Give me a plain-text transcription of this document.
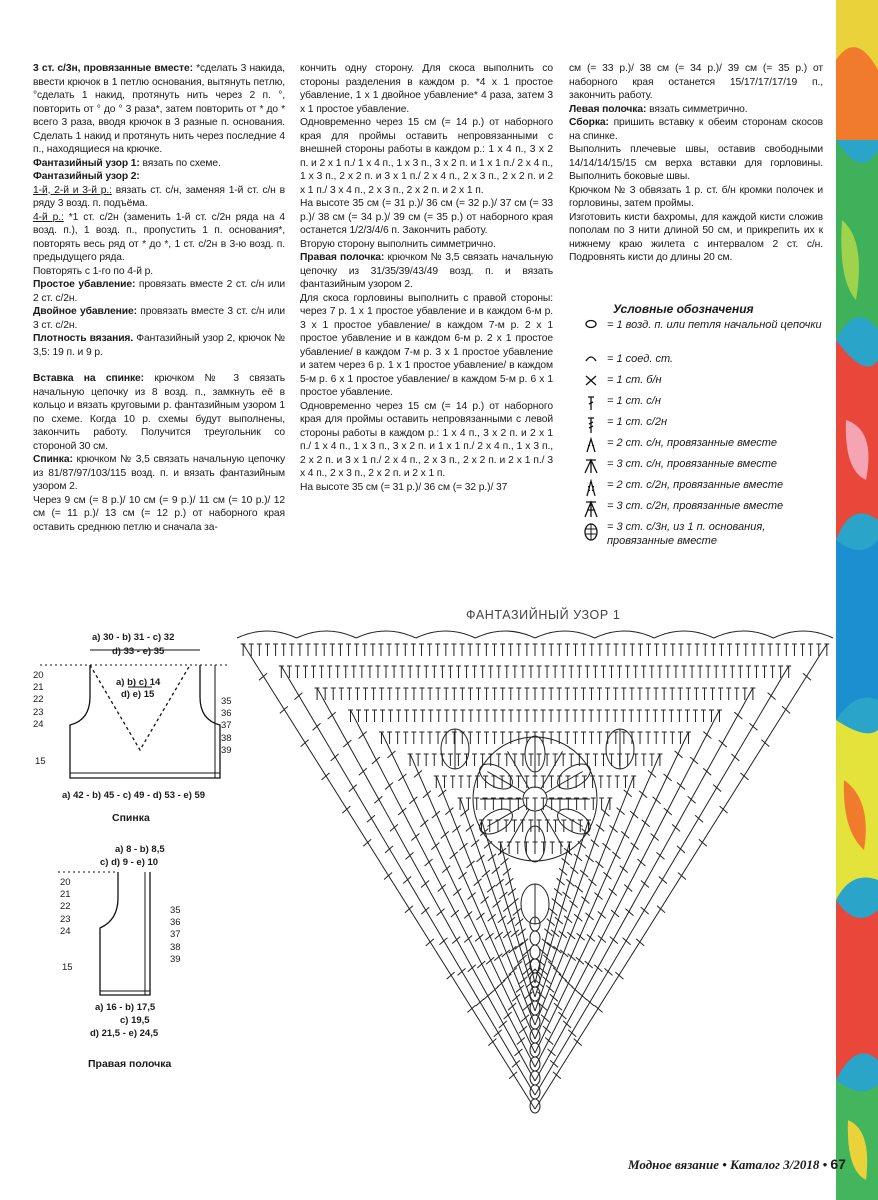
3 ст. с/3н, провязанные вместе: *сделать 3 накида, ввести крючок в 1 петлю основания, вытянуть петлю, °сделать 1 накид, протянуть нить через 2 п. °, повторить от ° до ° 3 раза*, затем повторить от * до * всего 3 раза, вводя крючок в 3 разные п. основания. Сделать 1 накид и протянуть нить через последние 4 п., находящиеся на крючке.

Фантазийный узор 1: вязать по схеме.

Фантазийный узор 2:
1-й, 2-й и 3-й р.: вязать ст. с/н, заменяя 1-й ст. с/н в ряду 3 возд. п. подъёма.
4-й р.: *1 ст. с/2н (заменить 1-й ст. с/2н ряда на 4 возд. п.), 1 возд. п., пропустить 1 п. основания*, повторять весь ряд от * до *, 1 ст. с/2н в 3-ю возд. п. предыдущего ряда.
Повторять с 1-го по 4-й р.

Простое убавление: провязать вместе 2 ст. с/н или 2 ст. с/2н.

Двойное убавление: провязать вместе 3 ст. с/н или 3 ст. с/2н.

Плотность вязания. Фантазийный узор 2, крючок № 3,5: 19 п. и 9 р.

Вставка на спинке: крючком № 3 связать начальную цепочку из 8 возд. п., замкнуть её в кольцо и вязать круговыми р. фантазийным узором 1 по схеме. Когда 10 р. схемы будут выполнены, закончить работу. Получится треугольник со стороной 30 см.

Спинка: крючком № 3,5 связать начальную цепочку из 81/87/97/103/115 возд. п. и вязать фантазийным узором 2.

Через 9 см (= 8 р.)/ 10 см (= 9 р.)/ 11 см (= 10 р.)/ 12 см (= 11 р.)/ 13 см (= 12 р.) от наборного края оставить среднюю петлю и сначала за-

кончить одну сторону. Для скоса выполнить со стороны разделения в каждом р. *4 х 1 простое убавление, 1 х 1 двойное убавление* 4 раза, затем 3 х 1 простое убавление.

Одновременно через 15 см (= 14 р.) от наборного края для проймы оставить непровязанными с внешней стороны работы в каждом р.: 1 х 4 п., 3 х 2 п. и 2 х 1 п./ 1 х 4 п., 1 х 3 п., 3 х 2 п. и 1 х 1 п./ 2 х 4 п., 1 х 3 п., 2 х 2 п. и 3 х 1 п./ 2 х 4 п., 2 х 3 п., 2 х 2 п. и 2 х 1 п./ 3 х 4 п., 2 х 3 п., 2 х 2 п. и 2 х 1 п.

На высоте 35 см (= 31 р.)/ 36 см (= 32 р.)/ 37 см (= 33 р.)/ 38 см (= 34 р.)/ 39 см (= 35 р.) от наборного края останется 1/2/3/4/6 п. Закончить работу.

Вторую сторону выполнить симметрично.

Правая полочка: крючком № 3,5 связать начальную цепочку из 31/35/39/43/49 возд. п. и вязать фантазийным узором 2.

Для скоса горловины выполнить с правой стороны: через 7 р. 1 х 1 простое убавление и в каждом 6-м р. 3 х 1 простое убавление/ в каждом 7-м р. 2 х 1 простое убавление и в каждом 6-м р. 2 х 1 простое убавление/ в каждом 7-м р. 3 х 1 простое убавление и затем через 6 р. 1 х 1 простое убавление/ в каждом 5-м р. 6 х 1 простое убавление/ в каждом 5-м р. 6 х 1 простое убавление.

Одновременно через 15 см (= 14 р.) от наборного края для проймы оставить непровязанными с левой стороны работы в каждом р.: 1 х 4 п., 3 х 2 п. и 2 х 1 п./ 1 х 4 п., 1 х 3 п., 3 х 2 п. и 1 х 1 п./ 2 х 4 п., 1 х 3 п., 2 х 2 п. и 3 х 1 п./ 2 х 4 п., 2 х 3 п., 2 х 2 п. и 2 х 1 п./ 3 х 4 п., 2 х 3 п., 2 х 2 п. и 2 х 1 п.

На высоте 35 см (= 31 р.)/ 36 см (= 32 р.)/ 37

см (= 33 р.)/ 38 см (= 34 р.)/ 39 см (= 35 р.) от наборного края останется 15/17/17/17/19 п., закончить работу.

Левая полочка: вязать симметрично.

Сборка: пришить вставку к обеим сторонам скосов на спинке.

Выполнить плечевые швы, оставив свободными 14/14/14/15/15 см верха вставки для горловины. Выполнить боковые швы.

Крючком № 3 обвязать 1 р. ст. б/н кромки полочек и горловины, затем проймы.

Изготовить кисти бахромы, для каждой кисти сложив пополам по 3 нити длиной 50 см, и прикрепить их к нижнему краю жилета с интервалом 2 ст. с/н. Подровнять кисти до длины 20 см.

Условные обозначения
= 1 возд. п. или петля начальной цепочки
= 1 соед. ст.
= 1 ст. б/н
= 1 ст. с/н
= 1 ст. с/2н
= 2 ст. с/н, провязанные вместе
= 3 ст. с/н, провязанные вместе
= 2 ст. с/2н, провязанные вместе
= 3 ст. с/2н, провязанные вместе
= 3 ст. с/3н, из 1 п. основания, провязанные вместе
ФАНТАЗИЙНЫЙ УЗОР 1
a) 30 - b) 31 - c) 32
d) 33 - e) 35
a) b) c) 14
d) e) 15
20
21
22
23
24
35
36
37
38
39
15
a) 42 - b) 45 - c) 49 - d) 53 - e) 59
Спинка
a) 8 - b) 8,5
c) d) 9 - e) 10
20
21
22
23
24
35
36
37
38
39
15
a) 16 - b) 17,5
c) 19,5
d) 21,5 - e) 24,5
Правая полочка
Модное вязание • Каталог 3/2018 • 67
